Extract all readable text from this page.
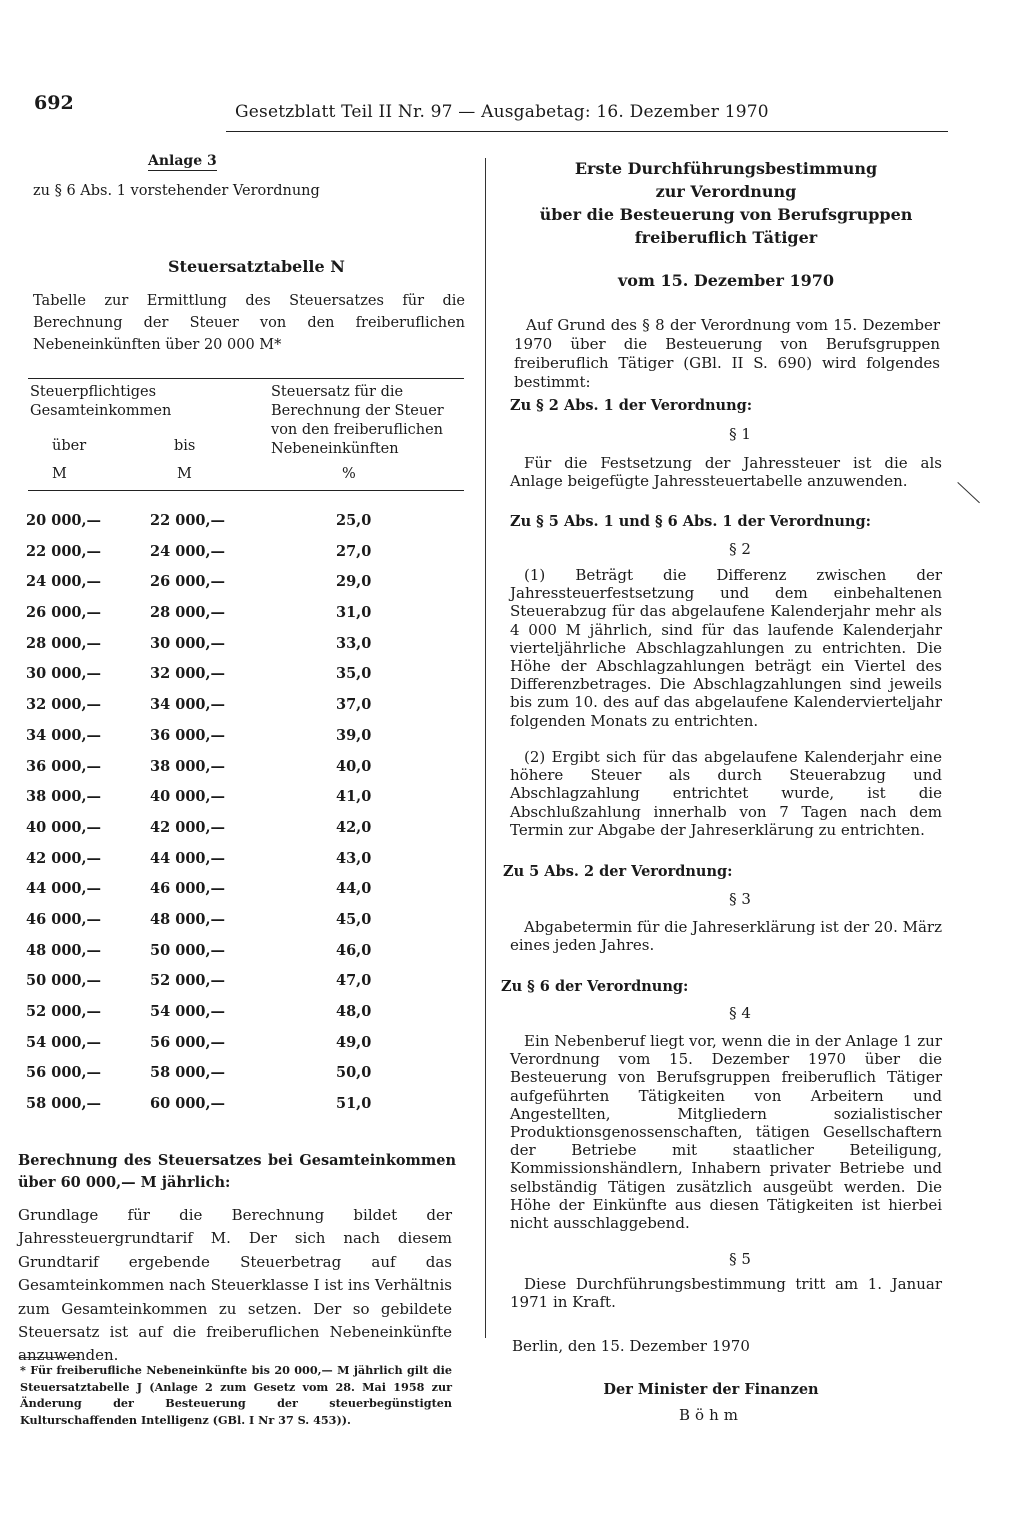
692	Gesetzblatt Teil II Nr. 97 — Ausgabetag: 16. Dezember 1970
Anlage 3
zu § 6 Abs. 1 vorstehender Verordnung
Steuersatztabelle N
Tabelle zur Ermittlung des Steuersatzes für die Berechnung der Steuer von den freiberuflichen Nebeneinkünften über 20 000 M*
Steuerpflichtiges Gesamteinkommen
Steuersatz für die Berechnung der Steuer von den freiberuflichen Nebeneinkünften
über	bis
M	M	%
20 000,—	22 000,—	25,0
22 000,—	24 000,—	27,0
24 000,—	26 000,—	29,0
26 000,—	28 000,—	31,0
28 000,—	30 000,—	33,0
30 000,—	32 000,—	35,0
32 000,—	34 000,—	37,0
34 000,—	36 000,—	39,0
36 000,—	38 000,—	40,0
38 000,—	40 000,—	41,0
40 000,—	42 000,—	42,0
42 000,—	44 000,—	43,0
44 000,—	46 000,—	44,0
46 000,—	48 000,—	45,0
48 000,—	50 000,—	46,0
50 000,—	52 000,—	47,0
52 000,—	54 000,—	48,0
54 000,—	56 000,—	49,0
56 000,—	58 000,—	50,0
58 000,—	60 000,—	51,0
Berechnung des Steuersatzes bei Gesamteinkommen über 60 000,— M jährlich:
Grundlage für die Berechnung bildet der Jahressteuergrundtarif M. Der sich nach diesem Grundtarif ergebende Steuerbetrag auf das Gesamteinkommen nach Steuerklasse I ist ins Verhältnis zum Gesamteinkommen zu setzen. Der so gebildete Steuersatz ist auf die freiberuflichen Nebeneinkünfte anzuwenden.
* Für freiberufliche Nebeneinkünfte bis 20 000,— M jährlich gilt die Steuersatztabelle J (Anlage 2 zum Gesetz vom 28. Mai 1958 zur Änderung der Besteuerung der steuerbegünstigten Kulturschaffenden Intelligenz (GBl. I Nr 37 S. 453)).
Erste Durchführungsbestimmung
zur Verordnung
über die Besteuerung von Berufsgruppen
freiberuflich Tätiger
vom 15. Dezember 1970
Auf Grund des § 8 der Verordnung vom 15. Dezember 1970 über die Besteuerung von Berufsgruppen freiberuflich Tätiger (GBl. II S. 690) wird folgendes bestimmt:
Zu § 2 Abs. 1 der Verordnung:
§ 1
Für die Festsetzung der Jahressteuer ist die als Anlage beigefügte Jahressteuertabelle anzuwenden.
Zu § 5 Abs. 1 und § 6 Abs. 1 der Verordnung:
§ 2
(1) Beträgt die Differenz zwischen der Jahressteuerfestsetzung und dem einbehaltenen Steuerabzug für das abgelaufene Kalenderjahr mehr als 4 000 M jährlich, sind für das laufende Kalenderjahr vierteljährliche Abschlagzahlungen zu entrichten. Die Höhe der Abschlagzahlungen beträgt ein Viertel des Differenzbetrages. Die Abschlagzahlungen sind jeweils bis zum 10. des auf das abgelaufene Kalendervierteljahr folgenden Monats zu entrichten.
(2) Ergibt sich für das abgelaufene Kalenderjahr eine höhere Steuer als durch Steuerabzug und Abschlagzahlung entrichtet wurde, ist die Abschlußzahlung innerhalb von 7 Tagen nach dem Termin zur Abgabe der Jahreserklärung zu entrichten.
Zu 5 Abs. 2 der Verordnung:
§ 3
Abgabetermin für die Jahreserklärung ist der 20. März eines jeden Jahres.
Zu § 6 der Verordnung:
§ 4
Ein Nebenberuf liegt vor, wenn die in der Anlage 1 zur Verordnung vom 15. Dezember 1970 über die Besteuerung von Berufsgruppen freiberuflich Tätiger aufgeführten Tätigkeiten von Arbeitern und Angestellten, Mitgliedern sozialistischer Produktionsgenossenschaften, tätigen Gesellschaftern der Betriebe mit staatlicher Beteiligung, Kommissionshändlern, Inhabern privater Betriebe und selbständig Tätigen zusätzlich ausgeübt werden. Die Höhe der Einkünfte aus diesen Tätigkeiten ist hierbei nicht ausschlaggebend.
§ 5
Diese Durchführungsbestimmung tritt am 1. Januar 1971 in Kraft.
Berlin, den 15. Dezember 1970
Der Minister der Finanzen
Böhm
